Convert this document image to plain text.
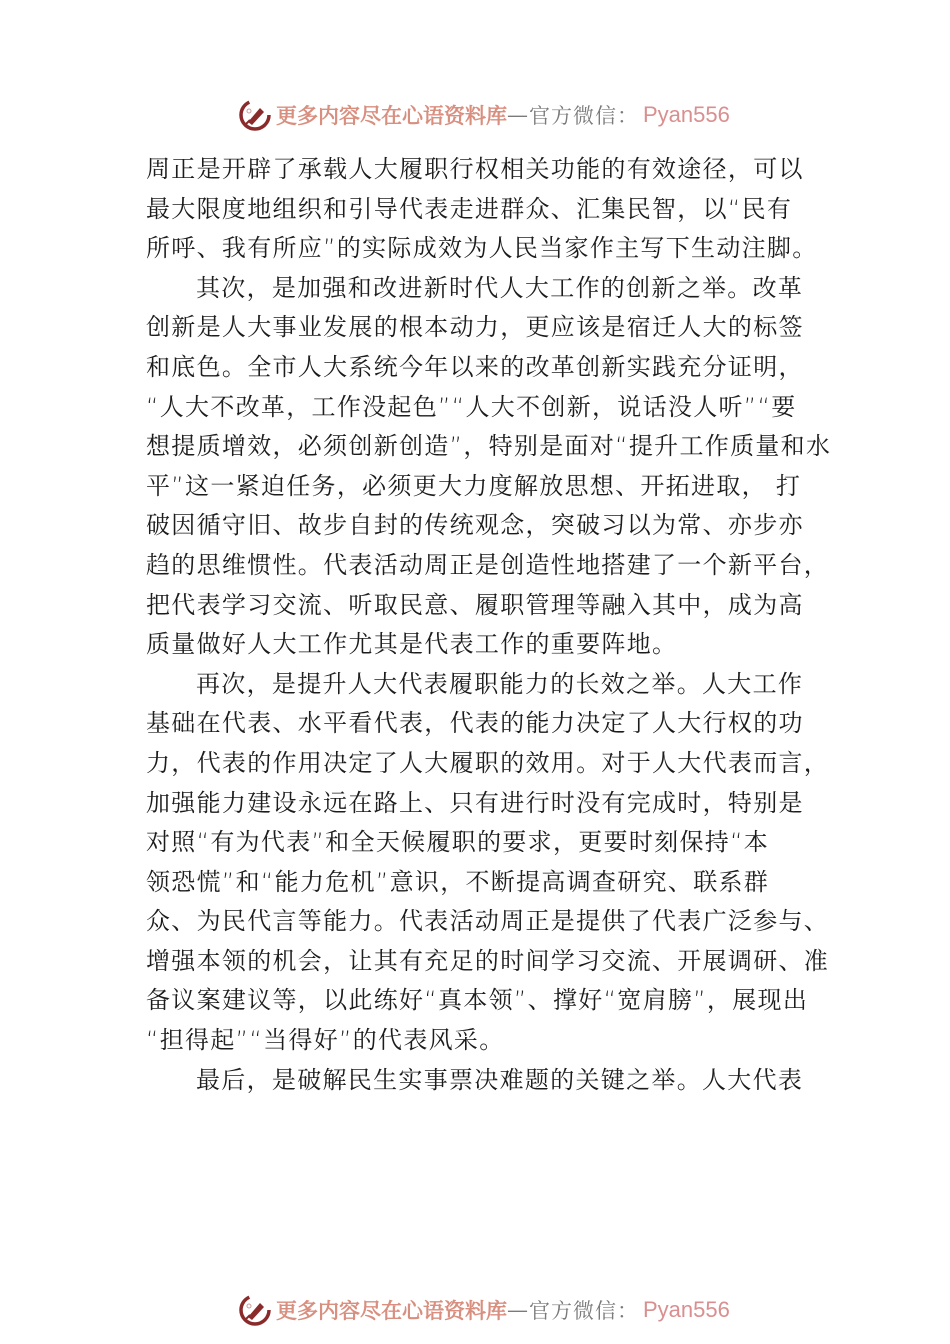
更多内容尽在心语资料库 — 官方微信： Pyan556
周正是开辟了承载人大履职行权相关功能的有效途径，可以
最大限度地组织和引导代表走进群众、汇集民智，以“民有
所呼、我有所应”的实际成效为人民当家作主写下生动注脚。
其次，是加强和改进新时代人大工作的创新之举。改革
创新是人大事业发展的根本动力，更应该是宿迁人大的标签
和底色。全市人大系统今年以来的改革创新实践充分证明，
“人大不改革，工作没起色”“人大不创新，说话没人听”“要
想提质增效，必须创新创造”，特别是面对“提升工作质量和水
平”这一紧迫任务，必须更大力度解放思想、开拓进取， 打
破因循守旧、故步自封的传统观念，突破习以为常、亦步亦
趋的思维惯性。代表活动周正是创造性地搭建了一个新平台，
把代表学习交流、听取民意、履职管理等融入其中，成为高
质量做好人大工作尤其是代表工作的重要阵地。
再次，是提升人大代表履职能力的长效之举。人大工作
基础在代表、水平看代表，代表的能力决定了人大行权的功
力，代表的作用决定了人大履职的效用。对于人大代表而言，
加强能力建设永远在路上、只有进行时没有完成时，特别是
对照“有为代表”和全天候履职的要求，更要时刻保持“本
领恐慌”和“能力危机”意识，不断提高调查研究、联系群
众、为民代言等能力。代表活动周正是提供了代表广泛参与、
增强本领的机会，让其有充足的时间学习交流、开展调研、准
备议案建议等，以此练好“真本领”、撑好“宽肩膀”，展现出
“担得起”“当得好”的代表风采。
最后，是破解民生实事票决难题的关键之举。人大代表
更多内容尽在心语资料库 — 官方微信： Pyan556
